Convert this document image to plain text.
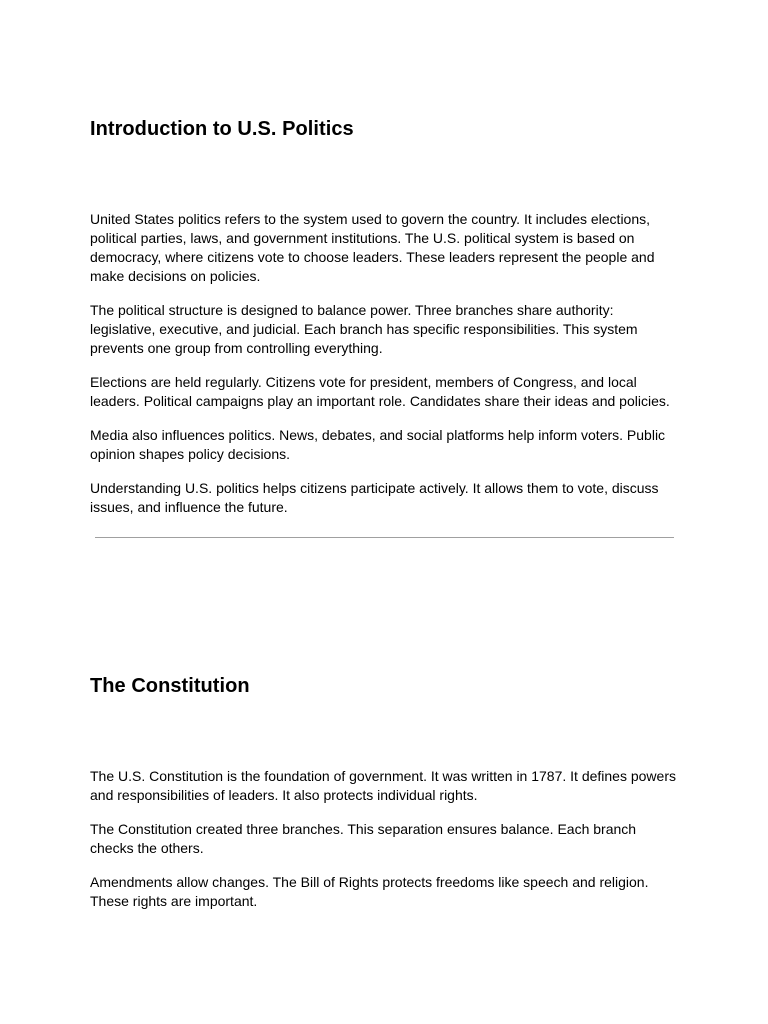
Introduction to U.S. Politics

United States politics refers to the system used to govern the country. It includes elections, political parties, laws, and government institutions. The U.S. political system is based on democracy, where citizens vote to choose leaders. These leaders represent the people and make decisions on policies.

The political structure is designed to balance power. Three branches share authority: legislative, executive, and judicial. Each branch has specific responsibilities. This system prevents one group from controlling everything.

Elections are held regularly. Citizens vote for president, members of Congress, and local leaders. Political campaigns play an important role. Candidates share their ideas and policies.

Media also influences politics. News, debates, and social platforms help inform voters. Public opinion shapes policy decisions.

Understanding U.S. politics helps citizens participate actively. It allows them to vote, discuss issues, and influence the future.

The Constitution

The U.S. Constitution is the foundation of government. It was written in 1787. It defines powers and responsibilities of leaders. It also protects individual rights.

The Constitution created three branches. This separation ensures balance. Each branch checks the others.

Amendments allow changes. The Bill of Rights protects freedoms like speech and religion. These rights are important.
